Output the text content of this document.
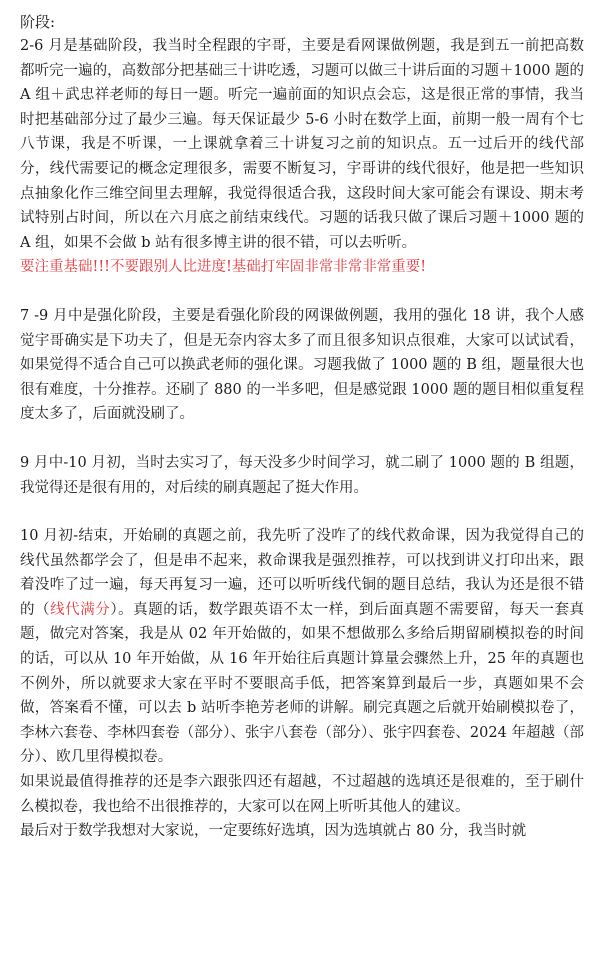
阶段:

2-6 月是基础阶段，我当时全程跟的宇哥，主要是看网课做例题，我是到五一前把高数都听完一遍的，高数部分把基础三十讲吃透，习题可以做三十讲后面的习题＋1000 题的 A 组＋武忠祥老师的每日一题。听完一遍前面的知识点会忘，这是很正常的事情，我当时把基础部分过了最少三遍。每天保证最少 5-6 小时在数学上面，前期一般一周有个七八节课，我是不听课，一上课就拿着三十讲复习之前的知识点。五一过后开的线代部分，线代需要记的概念定理很多，需要不断复习，宇哥讲的线代很好，他是把一些知识点抽象化作三维空间里去理解，我觉得很适合我，这段时间大家可能会有课设、期末考试特别占时间，所以在六月底之前结束线代。习题的话我只做了课后习题＋1000 题的 A 组，如果不会做 b 站有很多博主讲的很不错，可以去听听。

要注重基础!!!不要跟别人比进度!基础打牢固非常非常非常重要!

7 -9 月中是强化阶段，主要是看强化阶段的网课做例题，我用的强化 18 讲，我个人感觉宇哥确实是下功夫了，但是无奈内容太多了而且很多知识点很难，大家可以试试看，如果觉得不适合自己可以换武老师的强化课。习题我做了 1000 题的 B 组，题量很大也很有难度，十分推荐。还刷了 880 的一半多吧，但是感觉跟 1000 题的题目相似重复程度太多了，后面就没刷了。

9 月中-10 月初，当时去实习了，每天没多少时间学习，就二刷了 1000 题的 B 组题，我觉得还是很有用的，对后续的刷真题起了挺大作用。

10 月初-结束，开始刷的真题之前，我先听了没咋了的线代救命课，因为我觉得自己的线代虽然都学会了，但是串不起来，救命课我是强烈推荐，可以找到讲义打印出来，跟着没咋了过一遍，每天再复习一遍，还可以听听线代铜的题目总结，我认为还是很不错的（线代满分）。真题的话，数学跟英语不太一样，到后面真题不需要留，每天一套真题，做完对答案，我是从 02 年开始做的，如果不想做那么多给后期留刷模拟卷的时间的话，可以从 10 年开始做，从 16 年开始往后真题计算量会骤然上升，25 年的真题也不例外，所以就要求大家在平时不要眼高手低，把答案算到最后一步，真题如果不会做，答案看不懂，可以去 b 站听李艳芳老师的讲解。刷完真题之后就开始刷模拟卷了，李林六套卷、李林四套卷（部分）、张宇八套卷（部分）、张宇四套卷、2024 年超越（部分）、欧几里得模拟卷。

如果说最值得推荐的还是李六跟张四还有超越，不过超越的选填还是很难的，至于刷什么模拟卷，我也给不出很推荐的，大家可以在网上听听其他人的建议。

最后对于数学我想对大家说，一定要练好选填，因为选填就占 80 分，我当时就
